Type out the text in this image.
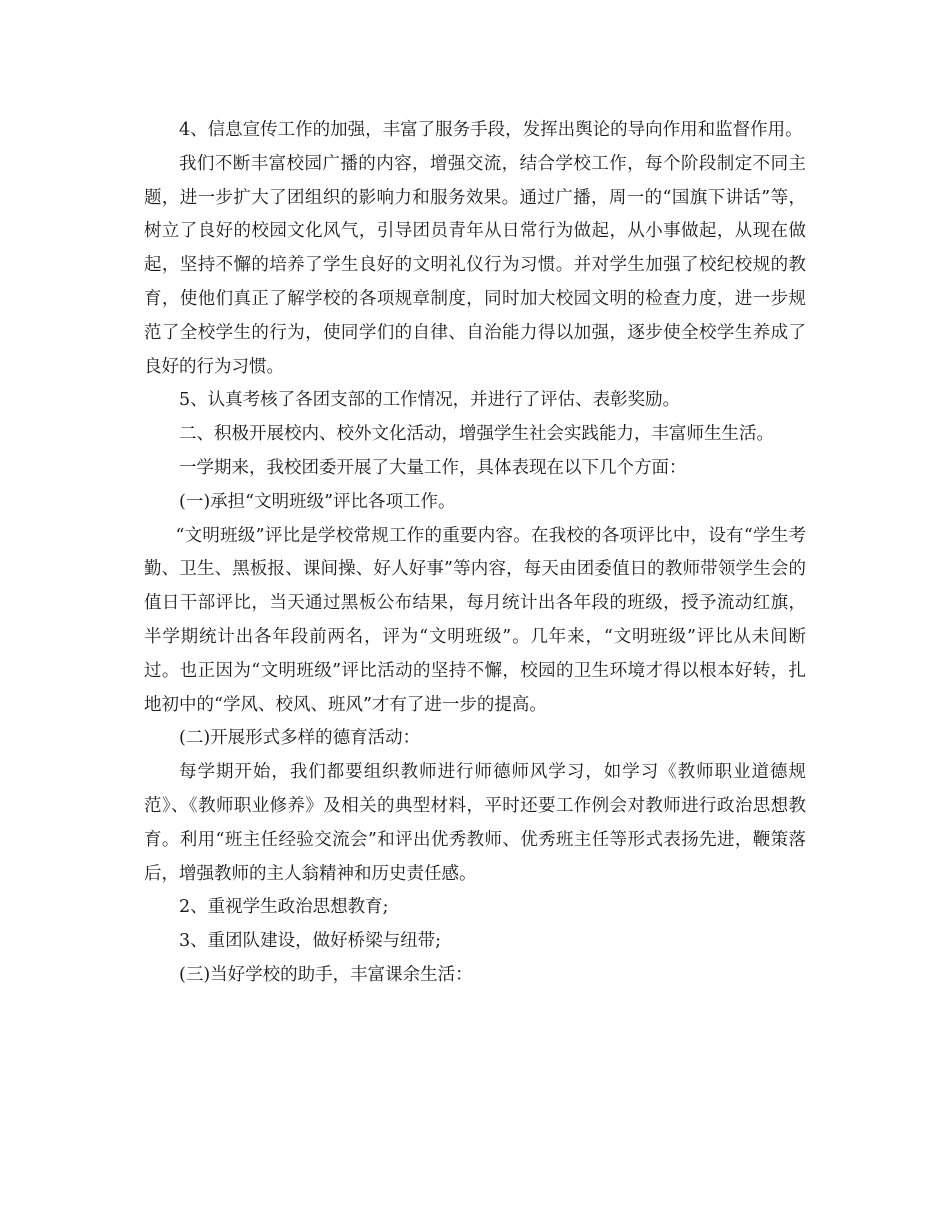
4、信息宣传工作的加强，丰富了服务手段，发挥出舆论的导向作用和监督作用。

我们不断丰富校园广播的内容，增强交流，结合学校工作，每个阶段制定不同主题，进一步扩大了团组织的影响力和服务效果。通过广播，周一的“国旗下讲话”等，树立了良好的校园文化风气，引导团员青年从日常行为做起，从小事做起，从现在做起，坚持不懈的培养了学生良好的文明礼仪行为习惯。并对学生加强了校纪校规的教育，使他们真正了解学校的各项规章制度，同时加大校园文明的检查力度，进一步规范了全校学生的行为，使同学们的自律、自治能力得以加强，逐步使全校学生养成了良好的行为习惯。

5、认真考核了各团支部的工作情况，并进行了评估、表彰奖励。

二、积极开展校内、校外文化活动，增强学生社会实践能力，丰富师生生活。

一学期来，我校团委开展了大量工作，具体表现在以下几个方面：

(一)承担“文明班级”评比各项工作。

“文明班级”评比是学校常规工作的重要内容。在我校的各项评比中，设有“学生考勤、卫生、黑板报、课间操、好人好事”等内容，每天由团委值日的教师带领学生会的值日干部评比，当天通过黑板公布结果，每月统计出各年段的班级，授予流动红旗，半学期统计出各年段前两名，评为“文明班级”。几年来，“文明班级”评比从未间断过。也正因为“文明班级”评比活动的坚持不懈，校园的卫生环境才得以根本好转，扎地初中的“学风、校风、班风”才有了进一步的提高。

(二)开展形式多样的德育活动：

每学期开始，我们都要组织教师进行师德师风学习，如学习《教师职业道德规范》、《教师职业修养》及相关的典型材料，平时还要工作例会对教师进行政治思想教育。利用“班主任经验交流会”和评出优秀教师、优秀班主任等形式表扬先进，鞭策落后，增强教师的主人翁精神和历史责任感。

2、重视学生政治思想教育;

3、重团队建设，做好桥梁与纽带;

(三)当好学校的助手，丰富课余生活：
